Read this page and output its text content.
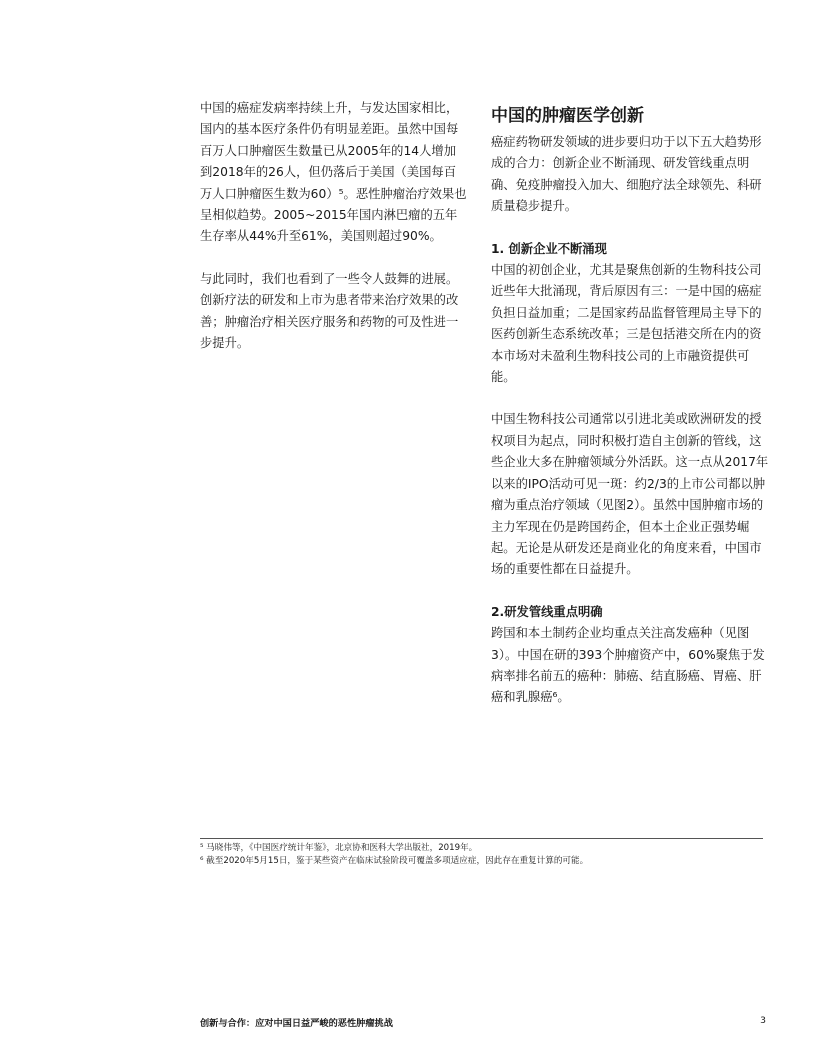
中国的癌症发病率持续上升，与发达国家相比，国内的基本医疗条件仍有明显差距。虽然中国每百万人口肿瘤医生数量已从2005年的14人增加到2018年的26人，但仍落后于美国（美国每百万人口肿瘤医生数为60）⁵。恶性肿瘤治疗效果也呈相似趋势。2005~2015年国内淋巴瘤的五年生存率从44%升至61%，美国则超过90%。

与此同时，我们也看到了一些令人鼓舞的进展。创新疗法的研发和上市为患者带来治疗效果的改善；肿瘤治疗相关医疗服务和药物的可及性进一步提升。

中国的肿瘤医学创新

癌症药物研发领域的进步要归功于以下五大趋势形成的合力：创新企业不断涌现、研发管线重点明确、免疫肿瘤投入加大、细胞疗法全球领先、科研质量稳步提升。

1. 创新企业不断涌现

中国的初创企业，尤其是聚焦创新的生物科技公司近些年大批涌现，背后原因有三：一是中国的癌症负担日益加重；二是国家药品监督管理局主导下的医药创新生态系统改革；三是包括港交所在内的资本市场对未盈利生物科技公司的上市融资提供可能。

中国生物科技公司通常以引进北美或欧洲研发的授权项目为起点，同时积极打造自主创新的管线，这些企业大多在肿瘤领域分外活跃。这一点从2017年以来的IPO活动可见一斑：约2/3的上市公司都以肿瘤为重点治疗领域（见图2）。虽然中国肿瘤市场的主力军现在仍是跨国药企，但本土企业正强势崛起。无论是从研发还是商业化的角度来看，中国市场的重要性都在日益提升。

2.研发管线重点明确

跨国和本土制药企业均重点关注高发癌种（见图3）。中国在研的393个肿瘤资产中，60%聚焦于发病率排名前五的癌种：肺癌、结直肠癌、胃癌、肝癌和乳腺癌⁶。

⁵ 马晓伟等，《中国医疗统计年鉴》，北京协和医科大学出版社，2019年。

⁶ 截至2020年5月15日，鉴于某些资产在临床试验阶段可覆盖多项适应症，因此存在重复计算的可能。

创新与合作：应对中国日益严峻的恶性肿瘤挑战	3
